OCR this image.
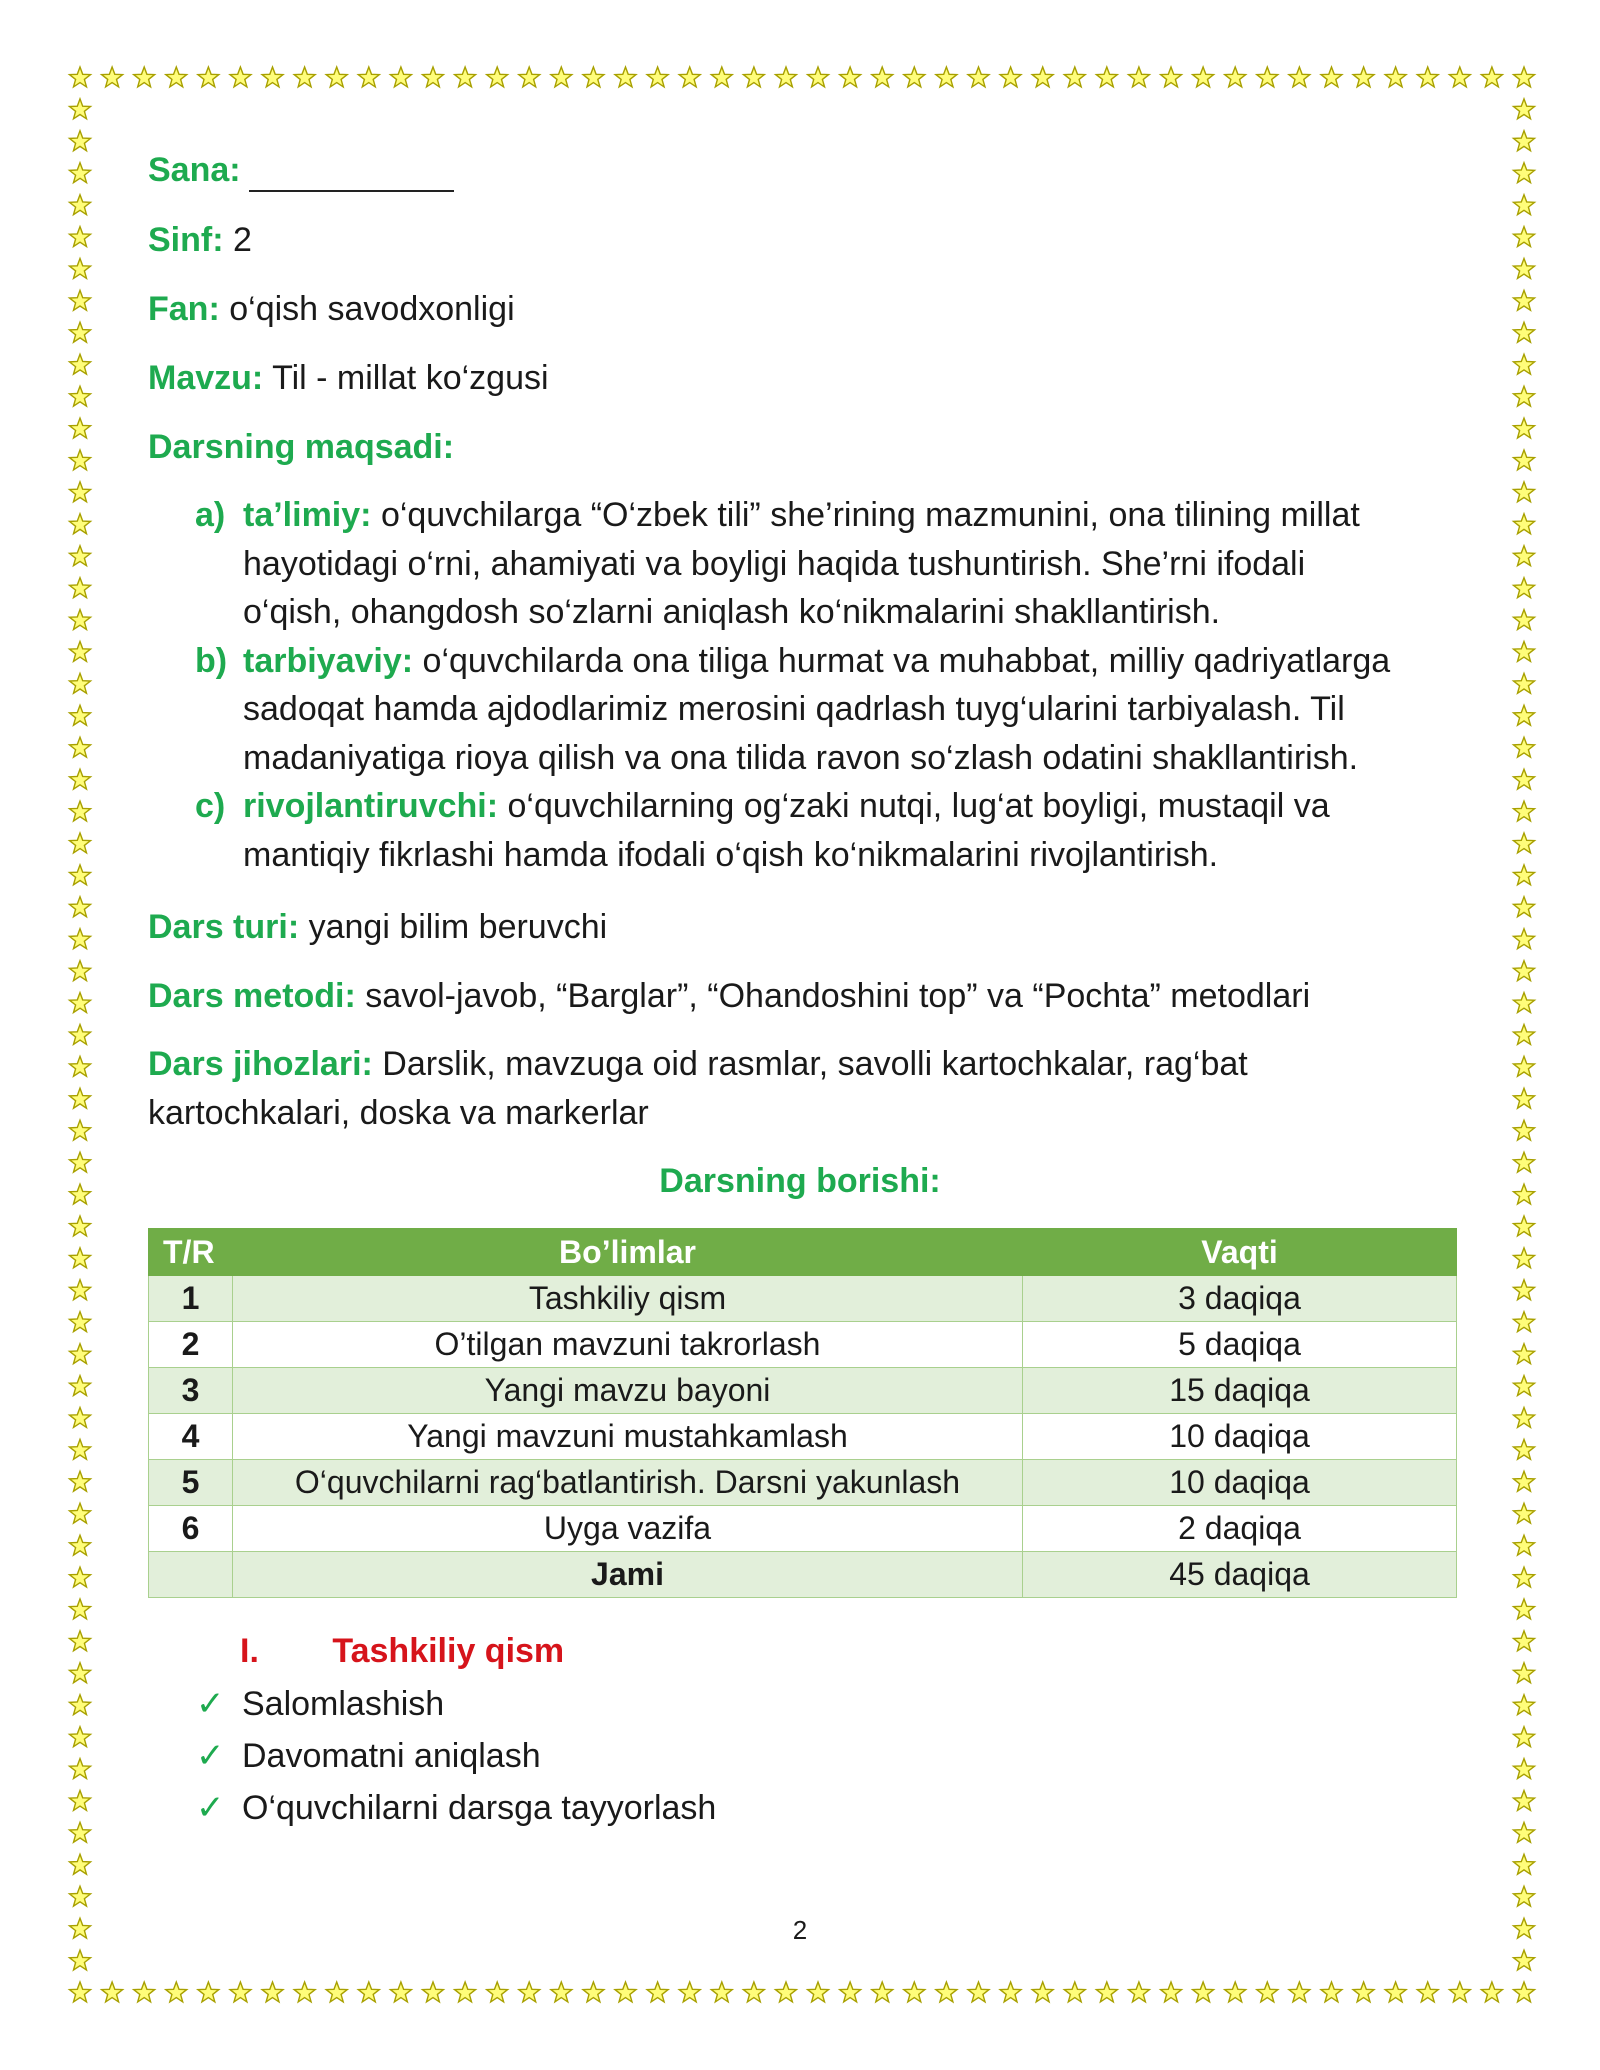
Sana:
Sinf: 2
Fan: o‘qish savodxonligi
Mavzu: Til - millat ko‘zgusi
Darsning maqsadi:
a) ta’limiy: o‘quvchilarga “O‘zbek tili” she’rining mazmunini, ona tilining millat
hayotidagi o‘rni, ahamiyati va boyligi haqida tushuntirish. She’rni ifodali
o‘qish, ohangdosh so‘zlarni aniqlash ko‘nikmalarini shakllantirish.
b) tarbiyaviy: o‘quvchilarda ona tiliga hurmat va muhabbat, milliy qadriyatlarga
sadoqat hamda ajdodlarimiz merosini qadrlash tuyg‘ularini tarbiyalash. Til
madaniyatiga rioya qilish va ona tilida ravon so‘zlash odatini shakllantirish.
c) rivojlantiruvchi: o‘quvchilarning og‘zaki nutqi, lug‘at boyligi, mustaqil va
mantiqiy fikrlashi hamda ifodali o‘qish ko‘nikmalarini rivojlantirish.
Dars turi: yangi bilim beruvchi
Dars metodi: savol-javob, “Barglar”, “Ohandoshini top” va “Pochta” metodlari
Dars jihozlari: Darslik, mavzuga oid rasmlar, savolli kartochkalar, rag‘bat
kartochkalari, doska va markerlar
Darsning borishi:
T/R	Bo’limlar	Vaqti
1	Tashkiliy qism	3 daqiqa
2	O’tilgan mavzuni takrorlash	5 daqiqa
3	Yangi mavzu bayoni	15 daqiqa
4	Yangi mavzuni mustahkamlash	10 daqiqa
5	O‘quvchilarni rag‘batlantirish. Darsni yakunlash	10 daqiqa
6	Uyga vazifa	2 daqiqa
	Jami	45 daqiqa
I. Tashkiliy qism
✓ Salomlashish
✓ Davomatni aniqlash
✓ O‘quvchilarni darsga tayyorlash
2
